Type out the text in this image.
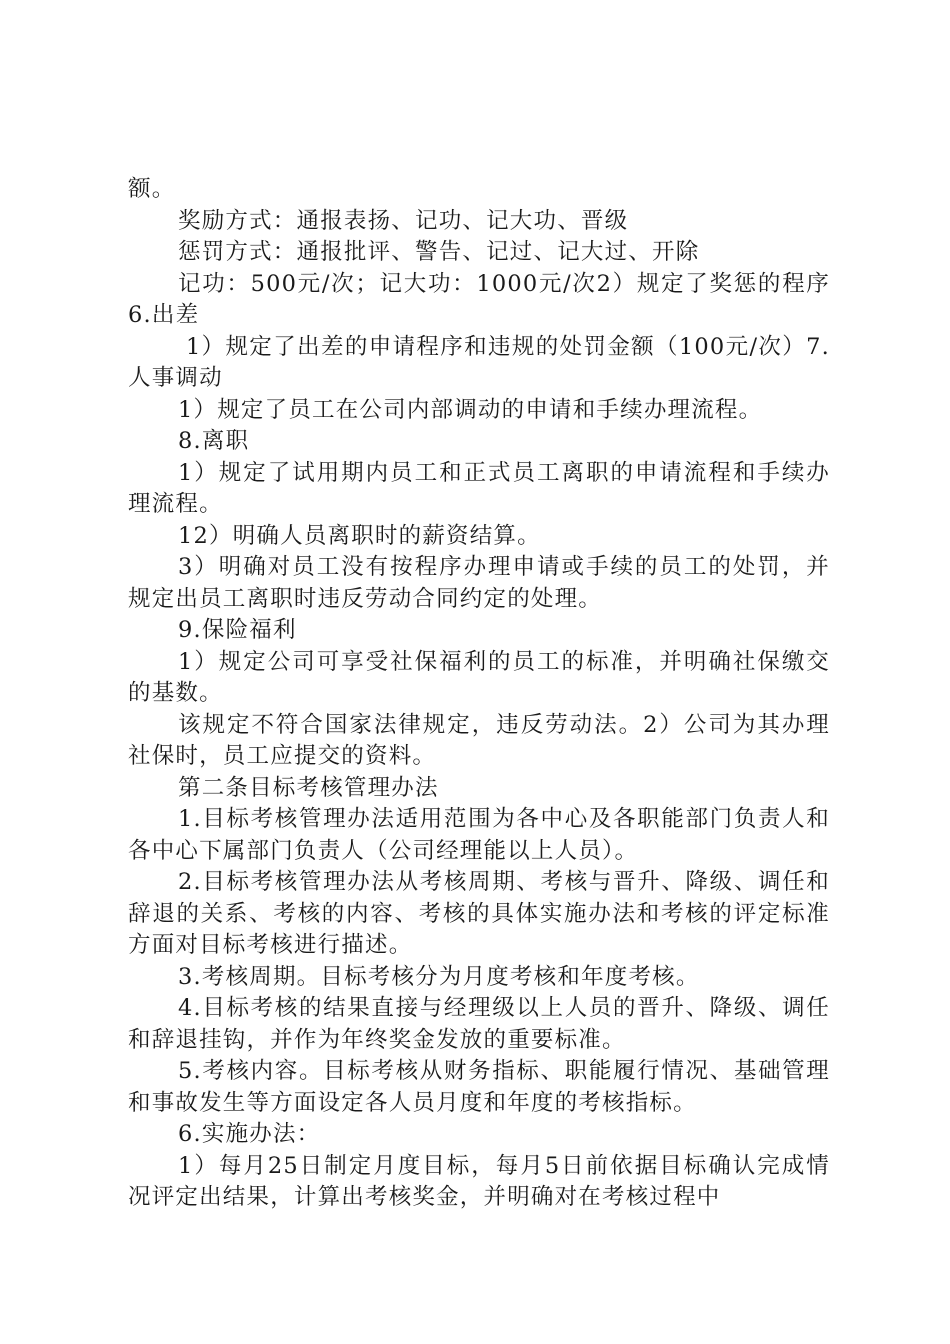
额。

奖励方式：通报表扬、记功、记大功、晋级

惩罚方式：通报批评、警告、记过、记大过、开除

记功：500元/次；记大功：1000元/次2）规定了奖惩的程序6.出差

1）规定了出差的申请程序和违规的处罚金额（100元/次）7.人事调动

1）规定了员工在公司内部调动的申请和手续办理流程。

8.离职

1）规定了试用期内员工和正式员工离职的申请流程和手续办理流程。

12）明确人员离职时的薪资结算。

3）明确对员工没有按程序办理申请或手续的员工的处罚，并规定出员工离职时违反劳动合同约定的处理。

9.保险福利

1）规定公司可享受社保福利的员工的标准，并明确社保缴交的基数。

该规定不符合国家法律规定，违反劳动法。2）公司为其办理社保时，员工应提交的资料。

第二条目标考核管理办法

1.目标考核管理办法适用范围为各中心及各职能部门负责人和各中心下属部门负责人（公司经理能以上人员）。

2.目标考核管理办法从考核周期、考核与晋升、降级、调任和辞退的关系、考核的内容、考核的具体实施办法和考核的评定标准方面对目标考核进行描述。

3.考核周期。目标考核分为月度考核和年度考核。

4.目标考核的结果直接与经理级以上人员的晋升、降级、调任和辞退挂钩，并作为年终奖金发放的重要标准。

5.考核内容。目标考核从财务指标、职能履行情况、基础管理和事故发生等方面设定各人员月度和年度的考核指标。

6.实施办法：

1）每月25日制定月度目标，每月5日前依据目标确认完成情况评定出结果，计算出考核奖金，并明确对在考核过程中
